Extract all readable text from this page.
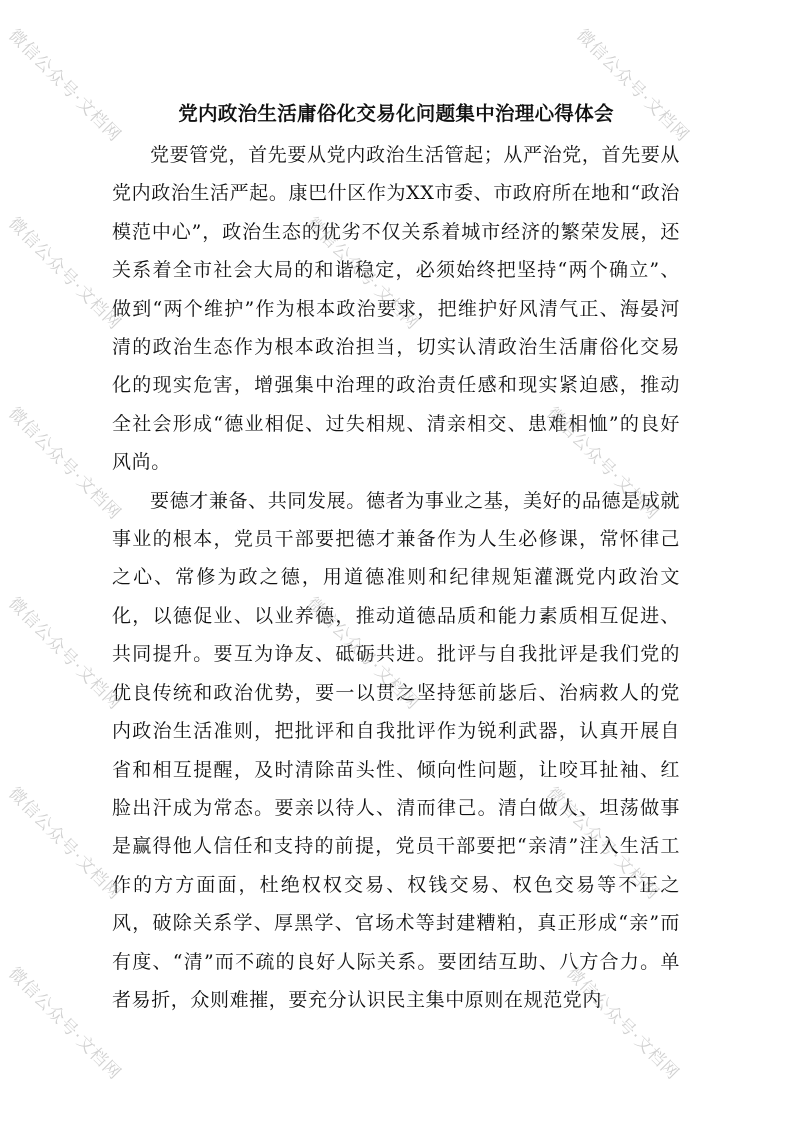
党内政治生活庸俗化交易化问题集中治理心得体会

党要管党，首先要从党内政治生活管起；从严治党，首先要从党内政治生活严起。康巴什区作为XX市委、市政府所在地和“政治模范中心”，政治生态的优劣不仅关系着城市经济的繁荣发展，还关系着全市社会大局的和谐稳定，必须始终把坚持“两个确立”、做到“两个维护”作为根本政治要求，把维护好风清气正、海晏河清的政治生态作为根本政治担当，切实认清政治生活庸俗化交易化的现实危害，增强集中治理的政治责任感和现实紧迫感，推动全社会形成“德业相促、过失相规、清亲相交、患难相恤”的良好风尚。

要德才兼备、共同发展。德者为事业之基，美好的品德是成就事业的根本，党员干部要把德才兼备作为人生必修课，常怀律己之心、常修为政之德，用道德准则和纪律规矩灌溉党内政治文化，以德促业、以业养德，推动道德品质和能力素质相互促进、共同提升。要互为诤友、砥砺共进。批评与自我批评是我们党的优良传统和政治优势，要一以贯之坚持惩前毖后、治病救人的党内政治生活准则，把批评和自我批评作为锐利武器，认真开展自省和相互提醒，及时清除苗头性、倾向性问题，让咬耳扯袖、红脸出汗成为常态。要亲以待人、清而律己。清白做人、坦荡做事是赢得他人信任和支持的前提，党员干部要把“亲清”注入生活工作的方方面面，杜绝权权交易、权钱交易、权色交易等不正之风，破除关系学、厚黑学、官场术等封建糟粕，真正形成“亲”而有度、“清”而不疏的良好人际关系。要团结互助、八方合力。单者易折，众则难摧，要充分认识民主集中原则在规范党内

微信公众号·文档网	微信公众号·文档网
微信公众号·文档网	微信公众号·文档网
微信公众号·文档网	微信公众号·文档网
微信公众号·文档网	微信公众号·文档网
微信公众号·文档网	微信公众号·文档网
微信公众号·文档网	微信公众号·文档网
